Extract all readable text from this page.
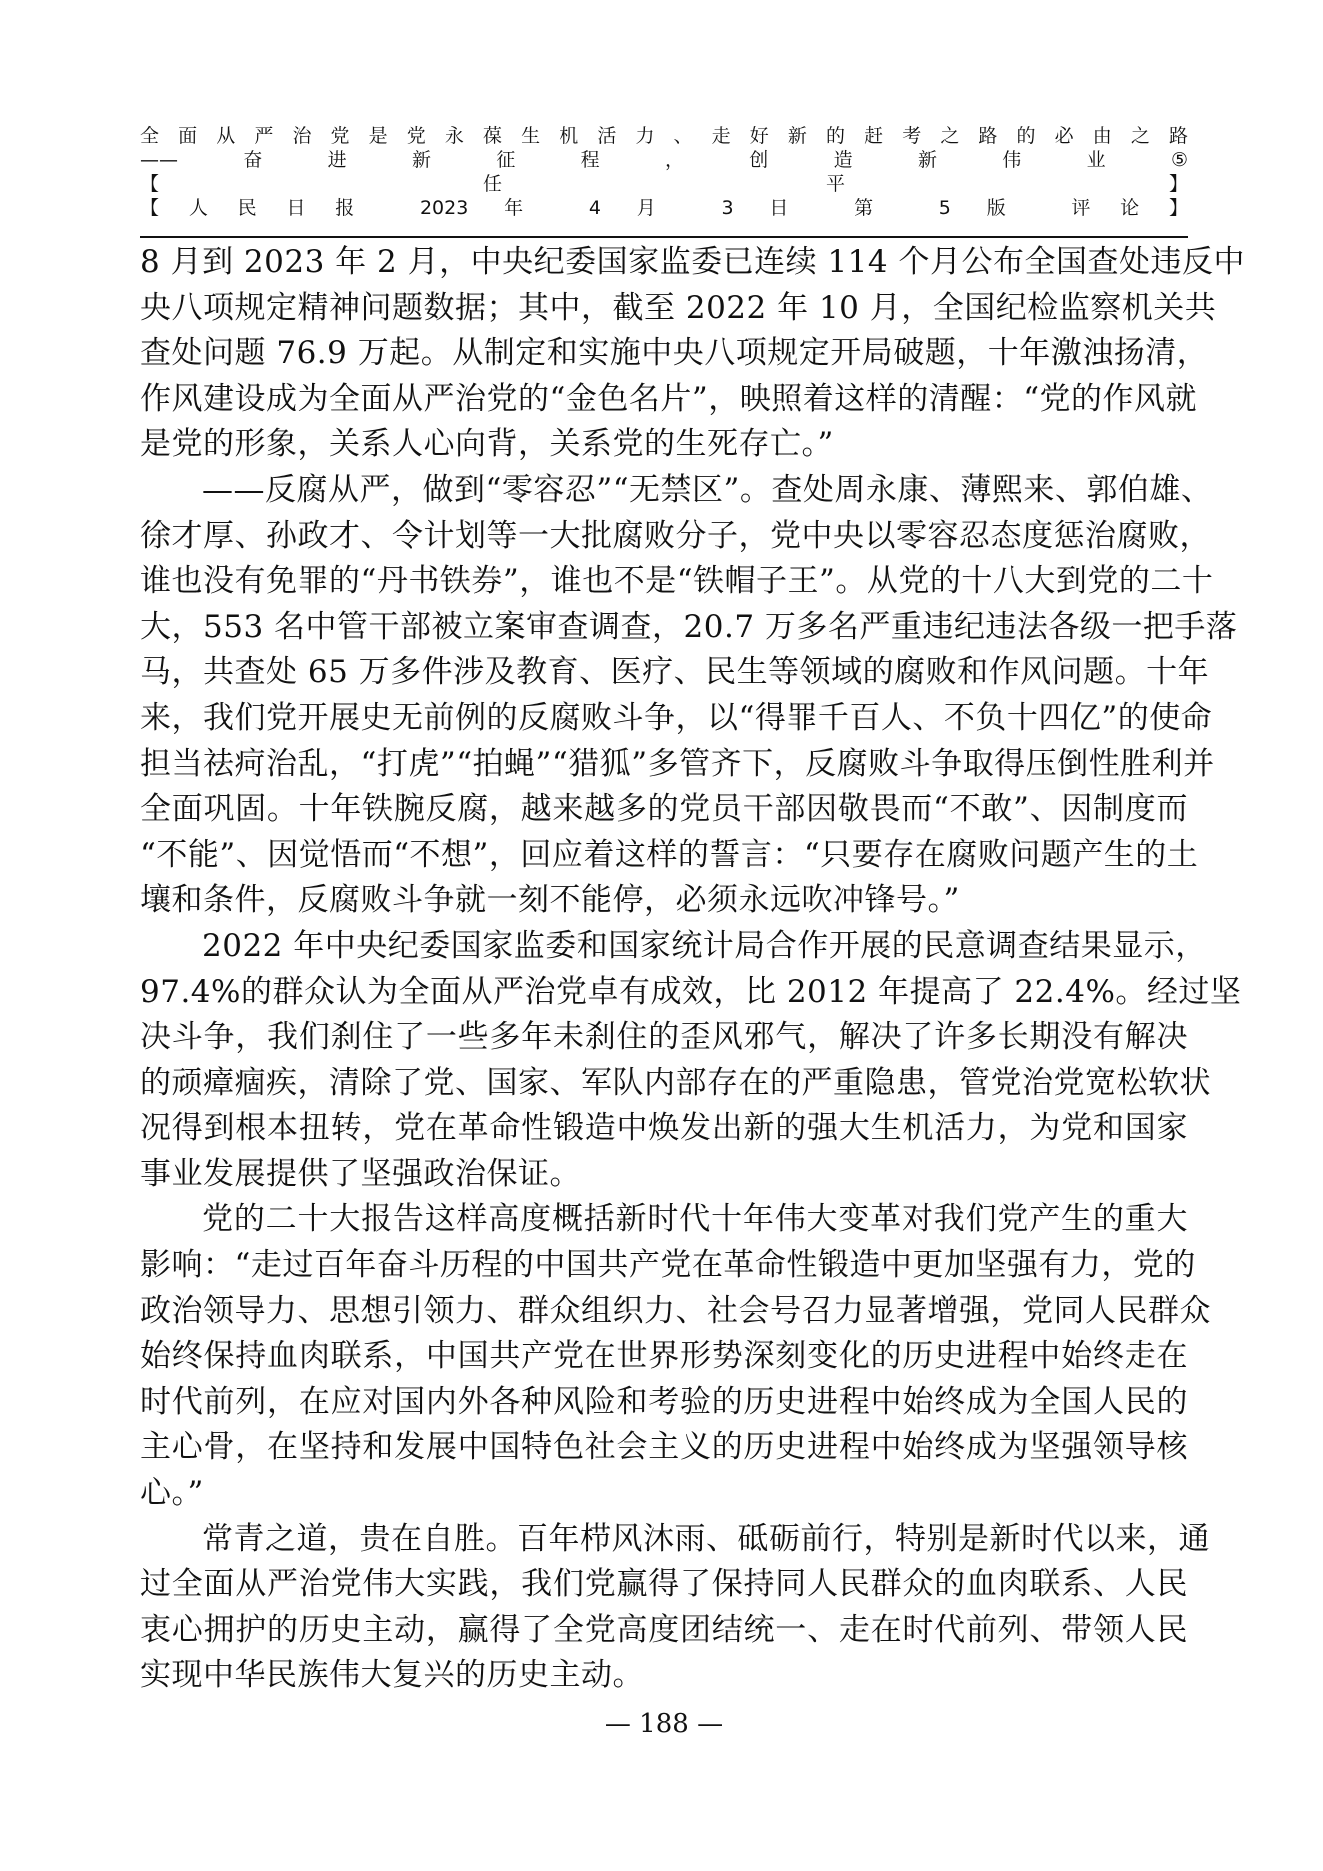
全面从严治党是党永葆生机活力、走好新的赶考之路的必由之路
——奋进新征程，创造新伟业⑤
【任平】
【人民日报 2023 年 4 月 3 日 第 5 版 评论】
8 月到 2023 年 2 月，中央纪委国家监委已连续 114 个月公布全国查处违反中
央八项规定精神问题数据；其中，截至 2022 年 10 月，全国纪检监察机关共
查处问题 76.9 万起。从制定和实施中央八项规定开局破题，十年激浊扬清，
作风建设成为全面从严治党的“金色名片”，映照着这样的清醒：“党的作风就
是党的形象，关系人心向背，关系党的生死存亡。”
——反腐从严，做到“零容忍”“无禁区”。查处周永康、薄熙来、郭伯雄、
徐才厚、孙政才、令计划等一大批腐败分子，党中央以零容忍态度惩治腐败，
谁也没有免罪的“丹书铁券”，谁也不是“铁帽子王”。从党的十八大到党的二十
大，553 名中管干部被立案审查调查，20.7 万多名严重违纪违法各级一把手落
马，共查处 65 万多件涉及教育、医疗、民生等领域的腐败和作风问题。十年
来，我们党开展史无前例的反腐败斗争，以“得罪千百人、不负十四亿”的使命
担当祛疴治乱，“打虎”“拍蝇”“猎狐”多管齐下，反腐败斗争取得压倒性胜利并
全面巩固。十年铁腕反腐，越来越多的党员干部因敬畏而“不敢”、因制度而
“不能”、因觉悟而“不想”，回应着这样的誓言：“只要存在腐败问题产生的土
壤和条件，反腐败斗争就一刻不能停，必须永远吹冲锋号。”
2022 年中央纪委国家监委和国家统计局合作开展的民意调查结果显示，
97.4%的群众认为全面从严治党卓有成效，比 2012 年提高了 22.4%。经过坚
决斗争，我们刹住了一些多年未刹住的歪风邪气，解决了许多长期没有解决
的顽瘴痼疾，清除了党、国家、军队内部存在的严重隐患，管党治党宽松软状
况得到根本扭转，党在革命性锻造中焕发出新的强大生机活力，为党和国家
事业发展提供了坚强政治保证。
党的二十大报告这样高度概括新时代十年伟大变革对我们党产生的重大
影响：“走过百年奋斗历程的中国共产党在革命性锻造中更加坚强有力，党的
政治领导力、思想引领力、群众组织力、社会号召力显著增强，党同人民群众
始终保持血肉联系，中国共产党在世界形势深刻变化的历史进程中始终走在
时代前列，在应对国内外各种风险和考验的历史进程中始终成为全国人民的
主心骨，在坚持和发展中国特色社会主义的历史进程中始终成为坚强领导核
心。”
常青之道，贵在自胜。百年栉风沐雨、砥砺前行，特别是新时代以来，通
过全面从严治党伟大实践，我们党赢得了保持同人民群众的血肉联系、人民
衷心拥护的历史主动，赢得了全党高度团结统一、走在时代前列、带领人民
实现中华民族伟大复兴的历史主动。
— 188 —
